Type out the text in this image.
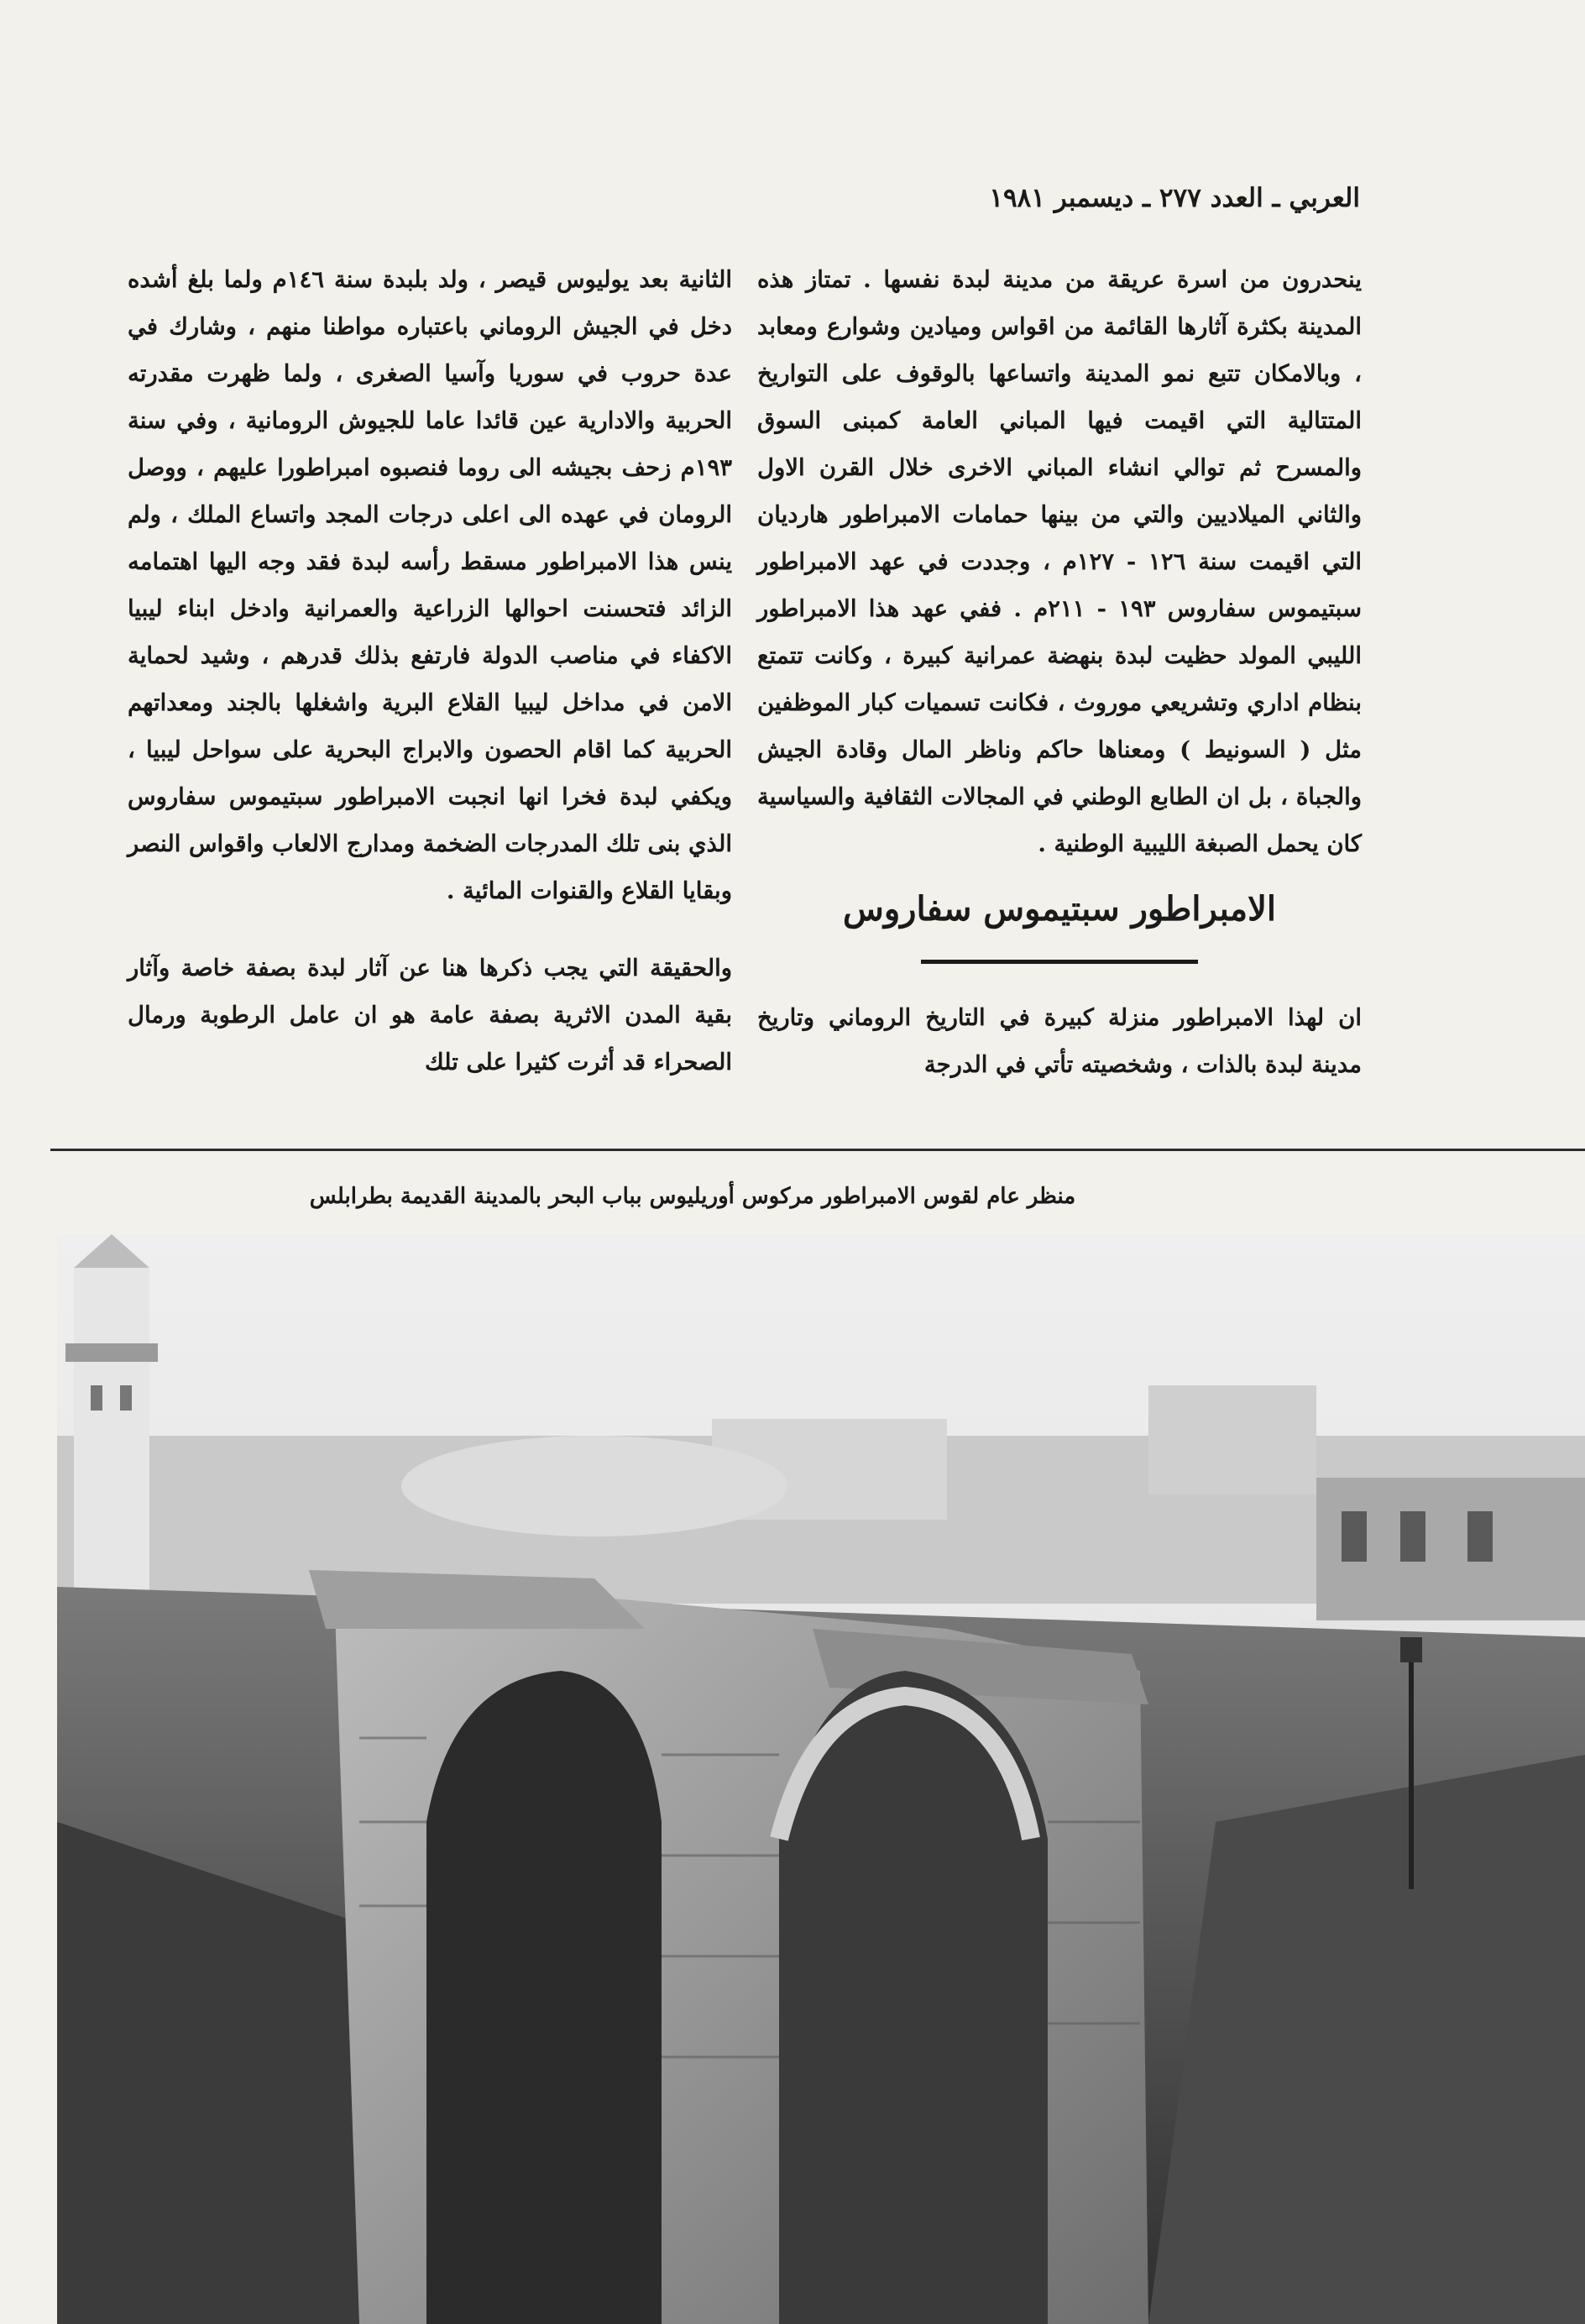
العربي ـ العدد ٢٧٧ ـ ديسمبر ١٩٨١

ينحدرون من اسرة عريقة من مدينة لبدة نفسها . تمتاز هذه المدينة بكثرة آثارها القائمة من اقواس وميادين وشوارع ومعابد ، وبالامكان تتبع نمو المدينة واتساعها بالوقوف على التواريخ المتتالية التي اقيمت فيها المباني العامة كمبنى السوق والمسرح ثم توالي انشاء المباني الاخرى خلال القرن الاول والثاني الميلاديين والتي من بينها حمامات الامبراطور هارديان التي اقيمت سنة ١٢٦ - ١٢٧م ، وجددت في عهد الامبراطور سبتيموس سفاروس ١٩٣ - ٢١١م . ففي عهد هذا الامبراطور الليبي المولد حظيت لبدة بنهضة عمرانية كبيرة ، وكانت تتمتع بنظام اداري وتشريعي موروث ، فكانت تسميات كبار الموظفين مثل ( السونيط ) ومعناها حاكم وناظر المال وقادة الجيش والجباة ، بل ان الطابع الوطني في المجالات الثقافية والسياسية كان يحمل الصبغة الليبية الوطنية .

الامبراطور سبتيموس سفاروس

ان لهذا الامبراطور منزلة كبيرة في التاريخ الروماني وتاريخ مدينة لبدة بالذات ، وشخصيته تأتي في الدرجة

الثانية بعد يوليوس قيصر ، ولد بلبدة سنة ١٤٦م ولما بلغ أشده دخل في الجيش الروماني باعتباره مواطنا منهم ، وشارك في عدة حروب في سوريا وآسيا الصغرى ، ولما ظهرت مقدرته الحربية والادارية عين قائدا عاما للجيوش الرومانية ، وفي سنة ١٩٣م زحف بجيشه الى روما فنصبوه امبراطورا عليهم ، ووصل الرومان في عهده الى اعلى درجات المجد واتساع الملك ، ولم ينس هذا الامبراطور مسقط رأسه لبدة فقد وجه اليها اهتمامه الزائد فتحسنت احوالها الزراعية والعمرانية وادخل ابناء ليبيا الاكفاء في مناصب الدولة فارتفع بذلك قدرهم ، وشيد لحماية الامن في مداخل ليبيا القلاع البرية واشغلها بالجند ومعداتهم الحربية كما اقام الحصون والابراج البحرية على سواحل ليبيا ، ويكفي لبدة فخرا انها انجبت الامبراطور سبتيموس سفاروس الذي بنى تلك المدرجات الضخمة ومدارج الالعاب واقواس النصر وبقايا القلاع والقنوات المائية .

والحقيقة التي يجب ذكرها هنا عن آثار لبدة بصفة خاصة وآثار بقية المدن الاثرية بصفة عامة هو ان عامل الرطوبة ورمال الصحراء قد أثرت كثيرا على تلك

منظر عام لقوس الامبراطور مركوس أوريليوس بباب البحر بالمدينة القديمة بطرابلس
